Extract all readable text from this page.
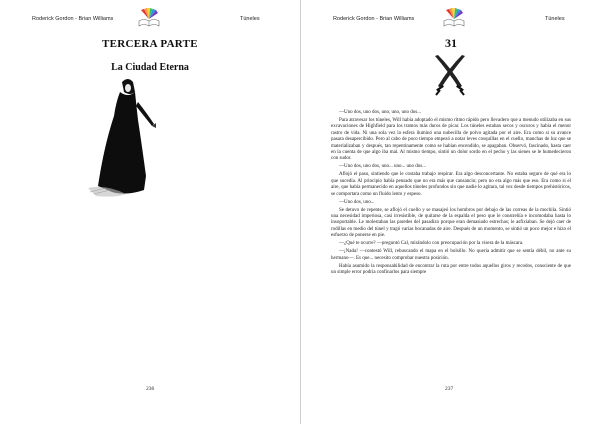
Roderick Gordon - Brian Williams	Túneles
TERCERA PARTE
La Ciudad Eterna
236
Roderick Gordon - Brian Williams	Túneles
31

—Uno dos, uno dos, uno, uno, uno dos...

Para atravesar los túneles, Will había adoptado el mismo ritmo rápido pero llevadero que a menudo utilizaba en sus excavaciones de Highfield para los tramos más duros de picar. Los túneles estaban secos y oscuros y había el menor rastro de vida. Ni una sola vez la esfera iluminó una nubecilla de polvo agitada por el aire. Era como si su avance pasara desapercibido. Pero al cabo de poco tiempo empezó a notar leves cosquillas en el cuello, manchas de luz que se materializaban y después, tan repentinamente como se habían encendido, se apagaban. Observó, fascinado, hasta caer en la cuenta de que algo iba mal. Al mismo tiempo, sintió un dolor sordo en el pecho y las sienes se le humedecieron con sudor.

—Uno dos, uno dos, uno... uno... uno dos...

Aflojó el paso, sintiendo que le costaba trabajo respirar. Era algo desconcertante. No estaba seguro de qué era lo que sucedía. Al principio había pensado que no era más que cansancio; pero no era algo más que eso. Era como si el aire, que había permanecido en aquellos túneles profundos sin que nadie lo agitara, tal vez desde tiempos prehistóricos, se comportara como un fluido lento y espeso.

—Uno dos, uno...

Se detuvo de repente, se aflojó el cuello y se masajeó los hombros por debajo de las correas de la mochila. Sintió una necesidad imperiosa, casi irresistible, de quitarse de la espalda el peso que le constreñía e incomodaba hasta lo insoportable. Le molestaban las paredes del pasadizo porque eran demasiado estrechas; le asfixiaban. Se dejó caer de rodillas en medio del túnel y tragó varias bocanadas de aire. Después de un momento, se sintió un poco mejor e hizo el esfuerzo de ponerse en pie.

—¿Qué te ocurre? —preguntó Cal, mirándolo con preocupación por la visera de la máscara.

—¡Nada! —contestó Will, rebuscando el mapa en el bolsillo. No quería admitir que se sentía débil, no ante su hermano—. Es que... necesito comprobar nuestra posición.

Había asumido la responsabilidad de encontrar la ruta por entre todos aquellos giros y recodos, consciente de que un simple error podría confinarlos para siempre

237
